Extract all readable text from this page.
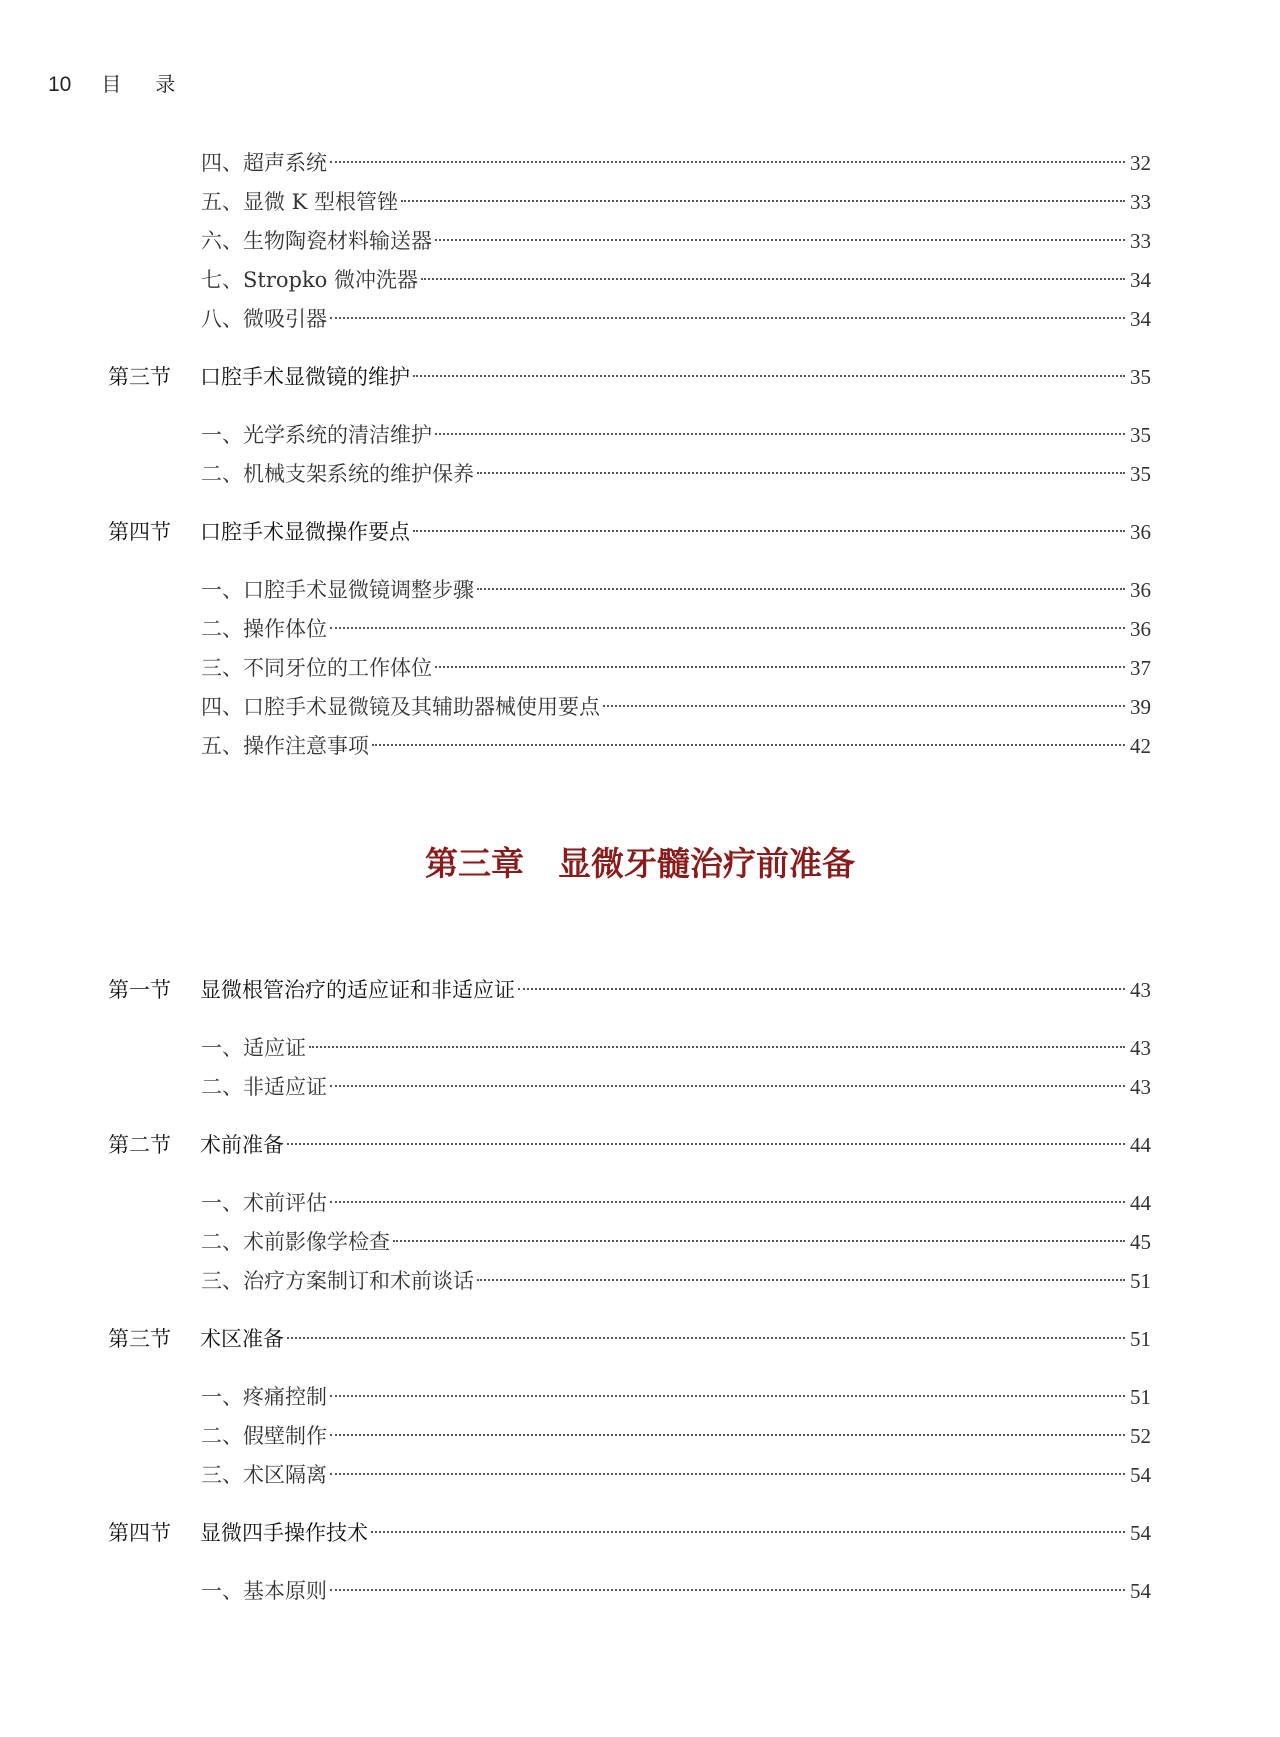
10 目录
四、超声系统	32
五、显微 K 型根管锉	33
六、生物陶瓷材料输送器	33
七、Stropko 微冲洗器	34
八、微吸引器	34
第三节	口腔手术显微镜的维护	35
一、光学系统的清洁维护	35
二、机械支架系统的维护保养	35
第四节	口腔手术显微操作要点	36
一、口腔手术显微镜调整步骤	36
二、操作体位	36
三、不同牙位的工作体位	37
四、口腔手术显微镜及其辅助器械使用要点	39
五、操作注意事项	42
第三章 显微牙髓治疗前准备
第一节	显微根管治疗的适应证和非适应证	43
一、适应证	43
二、非适应证	43
第二节	术前准备	44
一、术前评估	44
二、术前影像学检查	45
三、治疗方案制订和术前谈话	51
第三节	术区准备	51
一、疼痛控制	51
二、假壁制作	52
三、术区隔离	54
第四节	显微四手操作技术	54
一、基本原则	54
